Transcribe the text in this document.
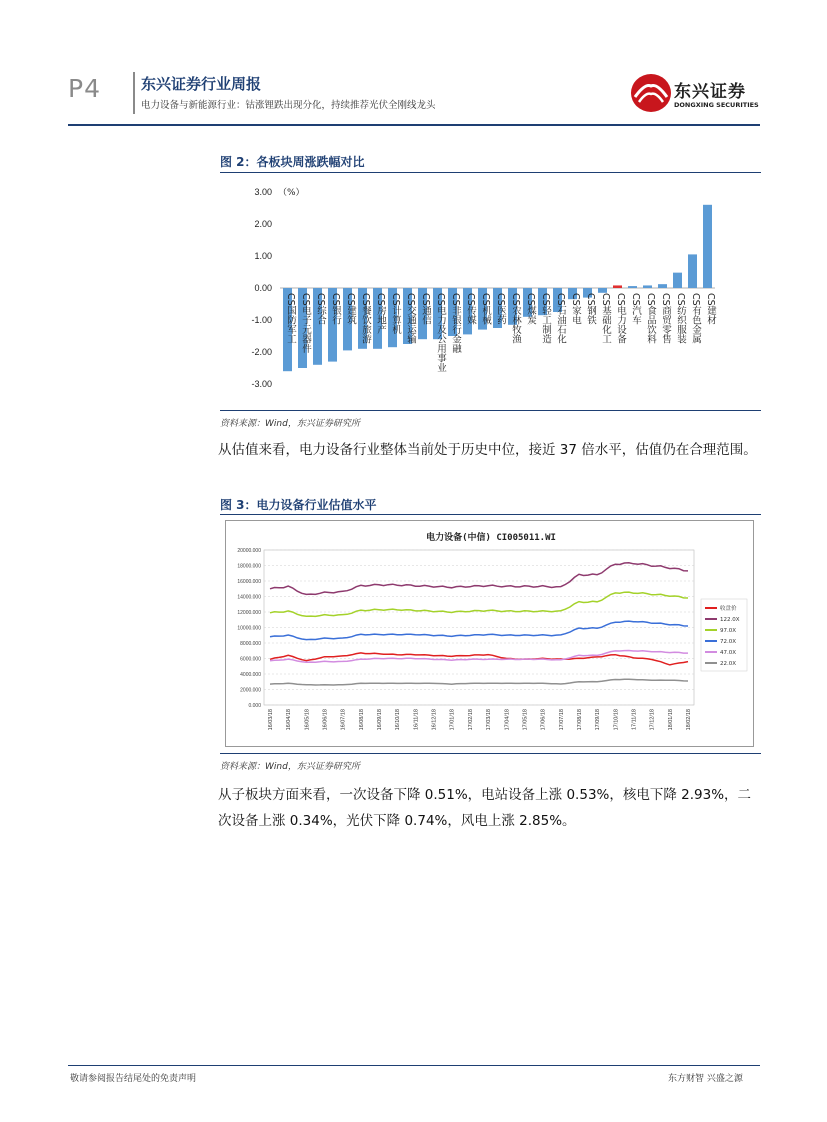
P4	东兴证券行业周报
电力设备与新能源行业：钴涨锂跌出现分化，持续推荐光伏全刚线龙头
东兴证券
DONGXING SECURITIES
图 2：各板块周涨跌幅对比
3.00
2.00
1.00
0.00
-1.00
-2.00
-3.00
（%）
CS国防军工 CS电子元器件 CS综合 CS银行 CS建筑 CS餐饮旅游 CS房地产 CS计算机 CS交通运输 CS通信 CS电力及公用事业 CS非银行金融 CS传媒 CS机械 CS医药 CS农林牧渔 CS煤炭 CS轻工制造 CS石油石化 CS家电 CS钢铁 CS基础化工 CS电力设备 CS汽车 CS食品饮料 CS商贸零售 CS纺织服装 CS有色金属 CS建材
资料来源：Wind，东兴证券研究所
从估值来看，电力设备行业整体当前处于历史中位，接近 37 倍水平，估值仍在合理范围。
图 3：电力设备行业估值水平
电力设备(中信) CI005011.WI
20000.000
18000.000
16000.000
14000.000
12000.000
10000.000
8000.000
6000.000
4000.000
2000.000
0.000
16/03/18 16/04/18 16/05/18 16/06/18 16/07/18 16/08/18 16/09/18 16/10/18 16/11/18 16/12/18 17/01/18 17/02/18 17/03/18 17/04/18 17/05/18 17/06/18 17/07/18 17/08/18 17/09/18 17/10/18 17/11/18 17/12/18 18/01/18 18/02/18
收盘价
122.0X
97.0X
72.0X
47.0X
22.0X
资料来源：Wind，东兴证券研究所
从子板块方面来看，一次设备下降 0.51%，电站设备上涨 0.53%，核电下降 2.93%，二次设备上涨 0.34%，光伏下降 0.74%，风电上涨 2.85%。
敬请参阅报告结尾处的免责声明	东方财智 兴盛之源
